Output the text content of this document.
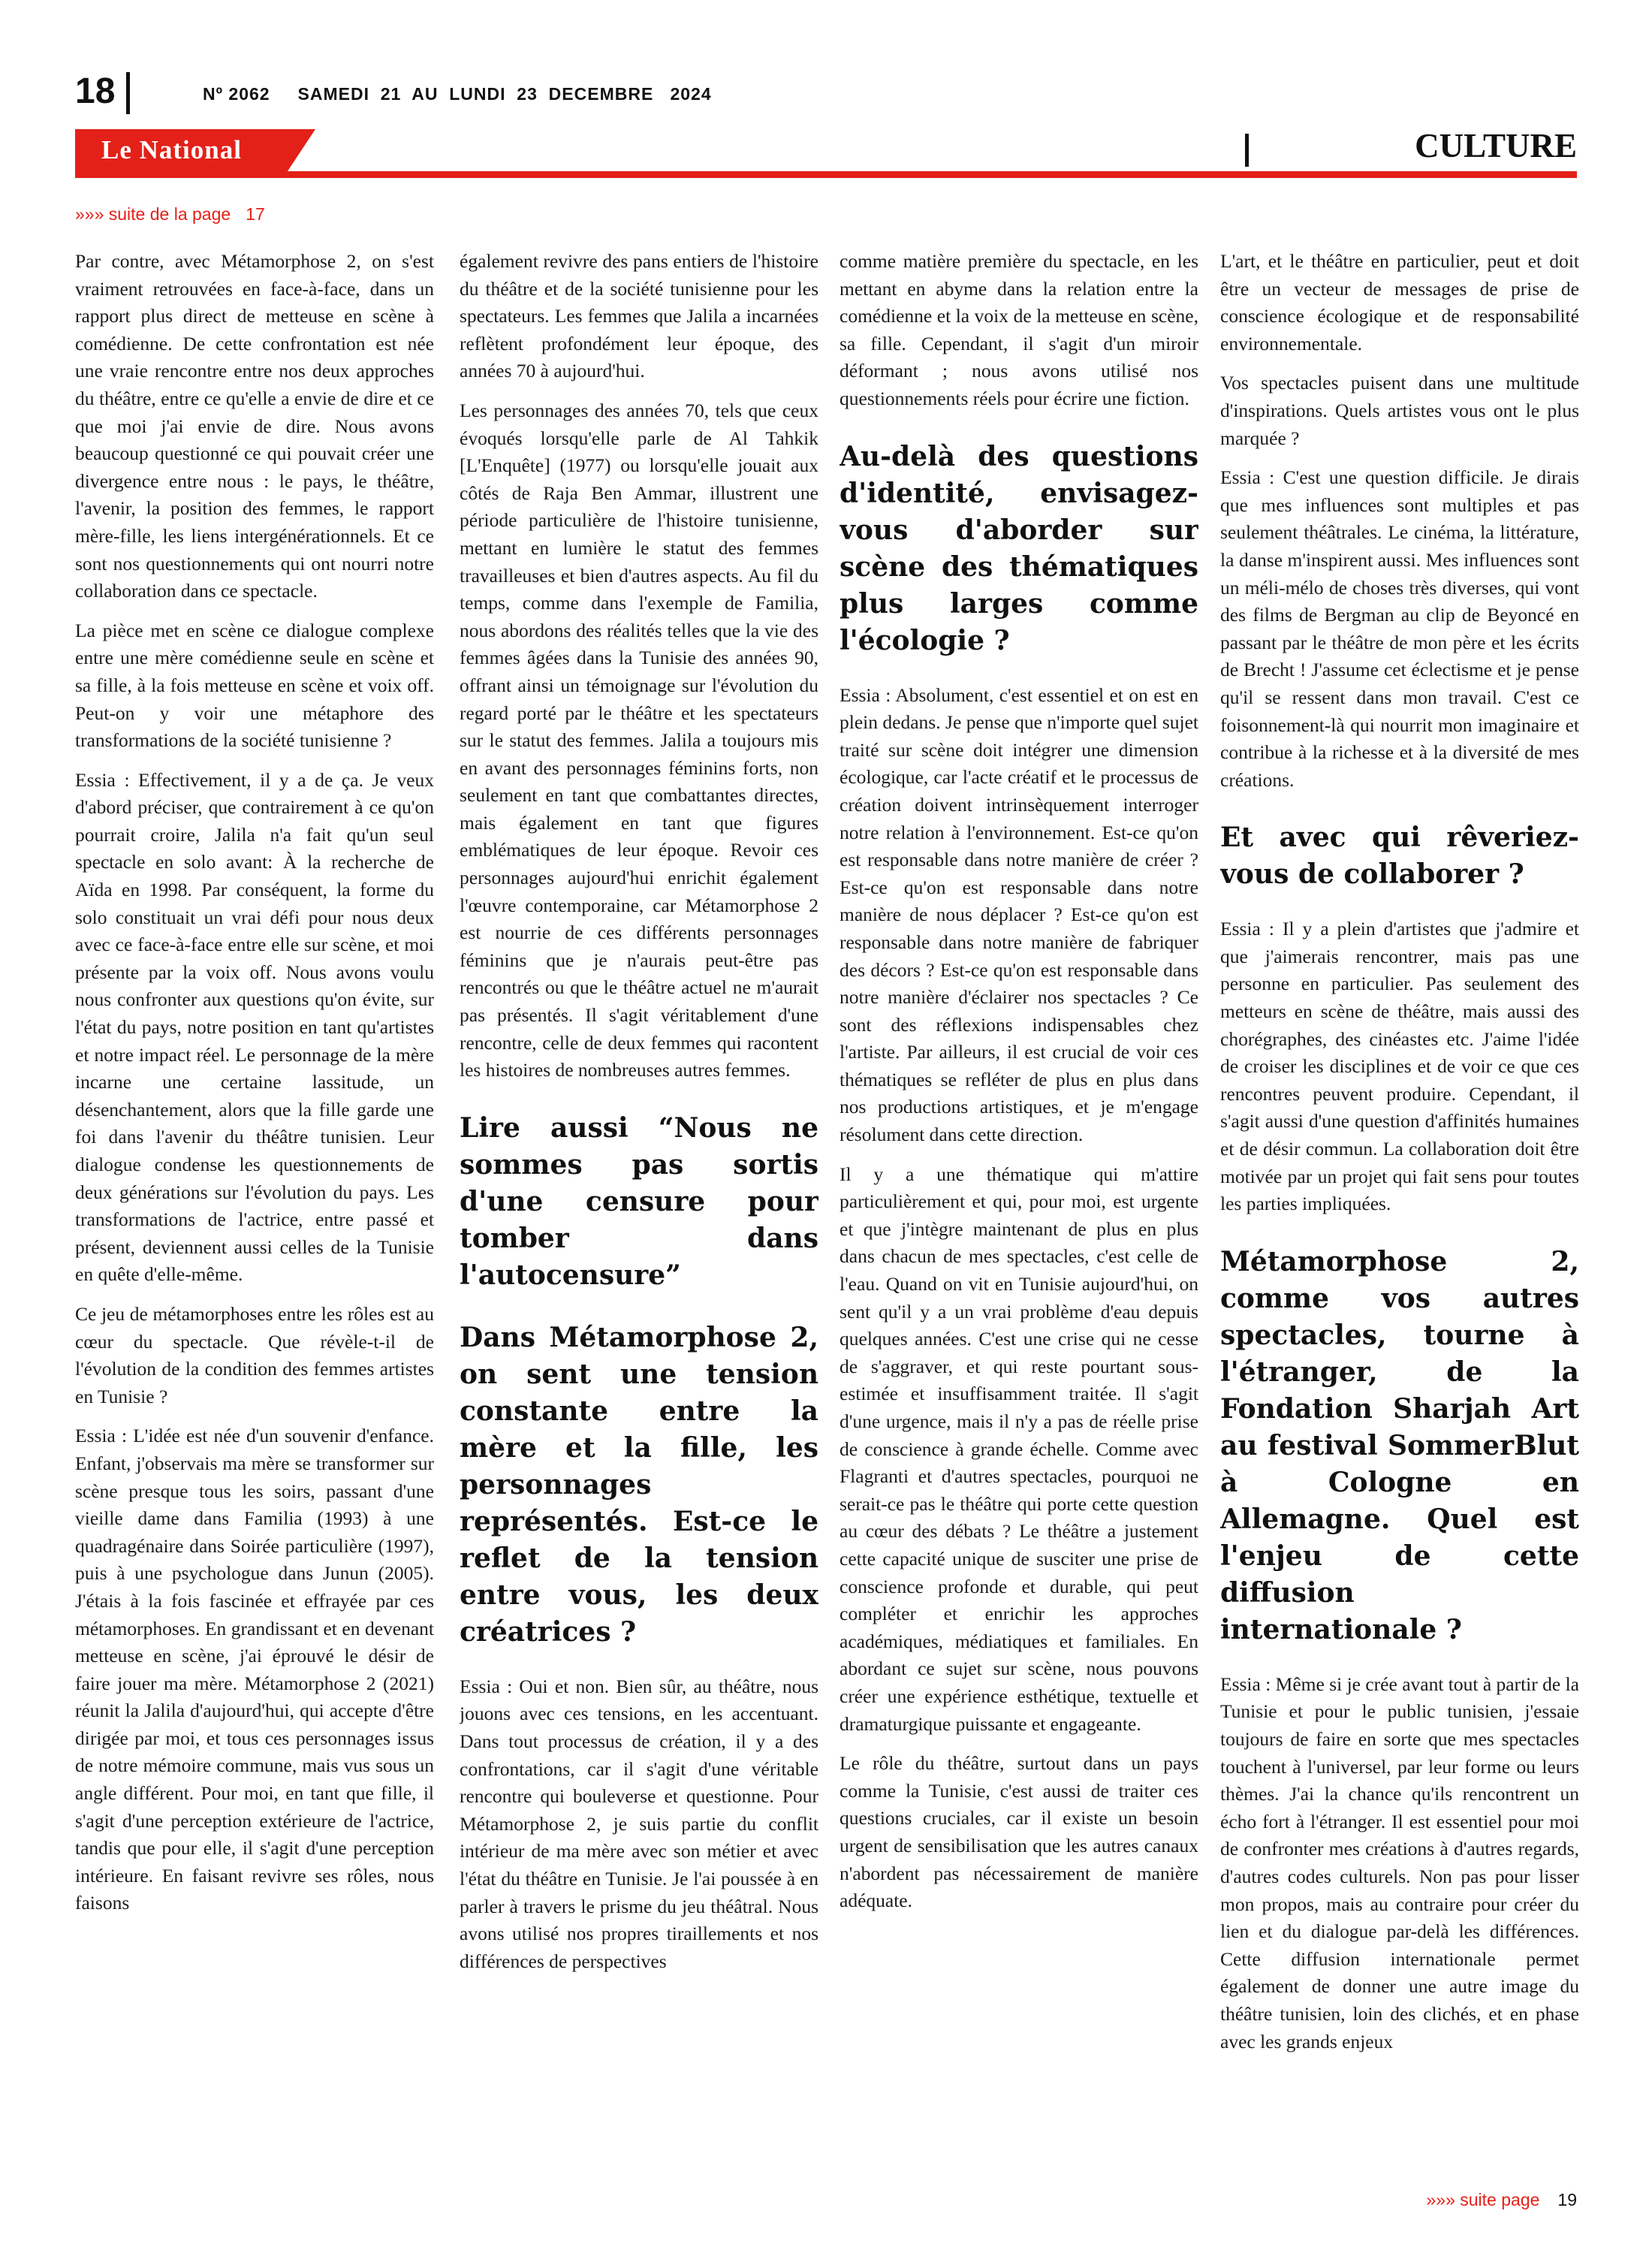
18	Nº 2062     SAMEDI  21  AU  LUNDI  23  DECEMBRE   2024
Le National	CULTURE
»»» suite de la page 17

Par contre, avec Métamorphose 2, on s'est vraiment retrouvées en face-à-face, dans un rapport plus direct de metteuse en scène à comédienne. De cette confrontation est née une vraie rencontre entre nos deux approches du théâtre, entre ce qu'elle a envie de dire et ce que moi j'ai envie de dire. Nous avons beaucoup questionné ce qui pouvait créer une divergence entre nous : le pays, le théâtre, l'avenir, la position des femmes, le rapport mère-fille, les liens intergénérationnels. Et ce sont nos questionnements qui ont nourri notre collaboration dans ce spectacle.

La pièce met en scène ce dialogue complexe entre une mère comédienne seule en scène et sa fille, à la fois metteuse en scène et voix off. Peut-on y voir une métaphore des transformations de la société tunisienne ?

Essia : Effectivement, il y a de ça. Je veux d'abord préciser, que contrairement à ce qu'on pourrait croire, Jalila n'a fait qu'un seul spectacle en solo avant: À la recherche de Aïda en 1998. Par conséquent, la forme du solo constituait un vrai défi pour nous deux avec ce face-à-face entre elle sur scène, et moi présente par la voix off. Nous avons voulu nous confronter aux questions qu'on évite, sur l'état du pays, notre position en tant qu'artistes et notre impact réel. Le personnage de la mère incarne une certaine lassitude, un désenchantement, alors que la fille garde une foi dans l'avenir du théâtre tunisien. Leur dialogue condense les questionnements de deux générations sur l'évolution du pays. Les transformations de l'actrice, entre passé et présent, deviennent aussi celles de la Tunisie en quête d'elle-même.

Ce jeu de métamorphoses entre les rôles est au cœur du spectacle. Que révèle-t-il de l'évolution de la condition des femmes artistes en Tunisie ?

Essia : L'idée est née d'un souvenir d'enfance. Enfant, j'observais ma mère se transformer sur scène presque tous les soirs, passant d'une vieille dame dans Familia (1993) à une quadragénaire dans Soirée particulière (1997), puis à une psychologue dans Junun (2005). J'étais à la fois fascinée et effrayée par ces métamorphoses. En grandissant et en devenant metteuse en scène, j'ai éprouvé le désir de faire jouer ma mère. Métamorphose 2 (2021) réunit la Jalila d'aujourd'hui, qui accepte d'être dirigée par moi, et tous ces personnages issus de notre mémoire commune, mais vus sous un angle différent. Pour moi, en tant que fille, il s'agit d'une perception extérieure de l'actrice, tandis que pour elle, il s'agit d'une perception intérieure. En faisant revivre ses rôles, nous faisons

également revivre des pans entiers de l'histoire du théâtre et de la société tunisienne pour les spectateurs. Les femmes que Jalila a incarnées reflètent profondément leur époque, des années 70 à aujourd'hui.

Les personnages des années 70, tels que ceux évoqués lorsqu'elle parle de Al Tahkik [L'Enquête] (1977) ou lorsqu'elle jouait aux côtés de Raja Ben Ammar, illustrent une période particulière de l'histoire tunisienne, mettant en lumière le statut des femmes travailleuses et bien d'autres aspects. Au fil du temps, comme dans l'exemple de Familia, nous abordons des réalités telles que la vie des femmes âgées dans la Tunisie des années 90, offrant ainsi un témoignage sur l'évolution du regard porté par le théâtre et les spectateurs sur le statut des femmes. Jalila a toujours mis en avant des personnages féminins forts, non seulement en tant que combattantes directes, mais également en tant que figures emblématiques de leur époque. Revoir ces personnages aujourd'hui enrichit également l'œuvre contemporaine, car Métamorphose 2 est nourrie de ces différents personnages féminins que je n'aurais peut-être pas rencontrés ou que le théâtre actuel ne m'aurait pas présentés. Il s'agit véritablement d'une rencontre, celle de deux femmes qui racontent les histoires de nombreuses autres femmes.

Lire aussi “Nous ne sommes pas sortis d'une censure pour tomber dans l'autocensure”
Dans Métamorphose 2, on sent une tension constante entre la mère et la fille, les personnages représentés. Est-ce le reflet de la tension entre vous, les deux créatrices ?

Essia : Oui et non. Bien sûr, au théâtre, nous jouons avec ces tensions, en les accentuant. Dans tout processus de création, il y a des confrontations, car il s'agit d'une véritable rencontre qui bouleverse et questionne. Pour Métamorphose 2, je suis partie du conflit intérieur de ma mère avec son métier et avec l'état du théâtre en Tunisie. Je l'ai poussée à en parler à travers le prisme du jeu théâtral. Nous avons utilisé nos propres tiraillements et nos différences de perspectives

comme matière première du spectacle, en les mettant en abyme dans la relation entre la comédienne et la voix de la metteuse en scène, sa fille. Cependant, il s'agit d'un miroir déformant ; nous avons utilisé nos questionnements réels pour écrire une fiction.

Au-delà des questions d'identité, envisagez-vous d'aborder sur scène des thématiques plus larges comme l'écologie ?

Essia : Absolument, c'est essentiel et on est en plein dedans. Je pense que n'importe quel sujet traité sur scène doit intégrer une dimension écologique, car l'acte créatif et le processus de création doivent intrinsèquement interroger notre relation à l'environnement. Est-ce qu'on est responsable dans notre manière de créer ? Est-ce qu'on est responsable dans notre manière de nous déplacer ? Est-ce qu'on est responsable dans notre manière de fabriquer des décors ? Est-ce qu'on est responsable dans notre manière d'éclairer nos spectacles ? Ce sont des réflexions indispensables chez l'artiste. Par ailleurs, il est crucial de voir ces thématiques se refléter de plus en plus dans nos productions artistiques, et je m'engage résolument dans cette direction.

Il y a une thématique qui m'attire particulièrement et qui, pour moi, est urgente et que j'intègre maintenant de plus en plus dans chacun de mes spectacles, c'est celle de l'eau. Quand on vit en Tunisie aujourd'hui, on sent qu'il y a un vrai problème d'eau depuis quelques années. C'est une crise qui ne cesse de s'aggraver, et qui reste pourtant sous-estimée et insuffisamment traitée. Il s'agit d'une urgence, mais il n'y a pas de réelle prise de conscience à grande échelle. Comme avec Flagranti et d'autres spectacles, pourquoi ne serait-ce pas le théâtre qui porte cette question au cœur des débats ? Le théâtre a justement cette capacité unique de susciter une prise de conscience profonde et durable, qui peut compléter et enrichir les approches académiques, médiatiques et familiales. En abordant ce sujet sur scène, nous pouvons créer une expérience esthétique, textuelle et dramaturgique puissante et engageante.

Le rôle du théâtre, surtout dans un pays comme la Tunisie, c'est aussi de traiter ces questions cruciales, car il existe un besoin urgent de sensibilisation que les autres canaux n'abordent pas nécessairement de manière adéquate.

L'art, et le théâtre en particulier, peut et doit être un vecteur de messages de prise de conscience écologique et de responsabilité environnementale.

Vos spectacles puisent dans une multitude d'inspirations. Quels artistes vous ont le plus marquée ?

Essia : C'est une question difficile. Je dirais que mes influences sont multiples et pas seulement théâtrales. Le cinéma, la littérature, la danse m'inspirent aussi. Mes influences sont un méli-mélo de choses très diverses, qui vont des films de Bergman au clip de Beyoncé en passant par le théâtre de mon père et les écrits de Brecht ! J'assume cet éclectisme et je pense qu'il se ressent dans mon travail. C'est ce foisonnement-là qui nourrit mon imaginaire et contribue à la richesse et à la diversité de mes créations.

Et avec qui rêveriez-vous de collaborer ?

Essia : Il y a plein d'artistes que j'admire et que j'aimerais rencontrer, mais pas une personne en particulier. Pas seulement des metteurs en scène de théâtre, mais aussi des chorégraphes, des cinéastes etc. J'aime l'idée de croiser les disciplines et de voir ce que ces rencontres peuvent produire. Cependant, il s'agit aussi d'une question d'affinités humaines et de désir commun. La collaboration doit être motivée par un projet qui fait sens pour toutes les parties impliquées.

Métamorphose 2, comme vos autres spectacles, tourne à l'étranger, de la Fondation Sharjah Art au festival SommerBlut à Cologne en Allemagne. Quel est l'enjeu de cette diffusion internationale ?

Essia : Même si je crée avant tout à partir de la Tunisie et pour le public tunisien, j'essaie toujours de faire en sorte que mes spectacles touchent à l'universel, par leur forme ou leurs thèmes. J'ai la chance qu'ils rencontrent un écho fort à l'étranger. Il est essentiel pour moi de confronter mes créations à d'autres regards, d'autres codes culturels. Non pas pour lisser mon propos, mais au contraire pour créer du lien et du dialogue par-delà les différences. Cette diffusion internationale permet également de donner une autre image du théâtre tunisien, loin des clichés, et en phase avec les grands enjeux

»»» suite page 19
